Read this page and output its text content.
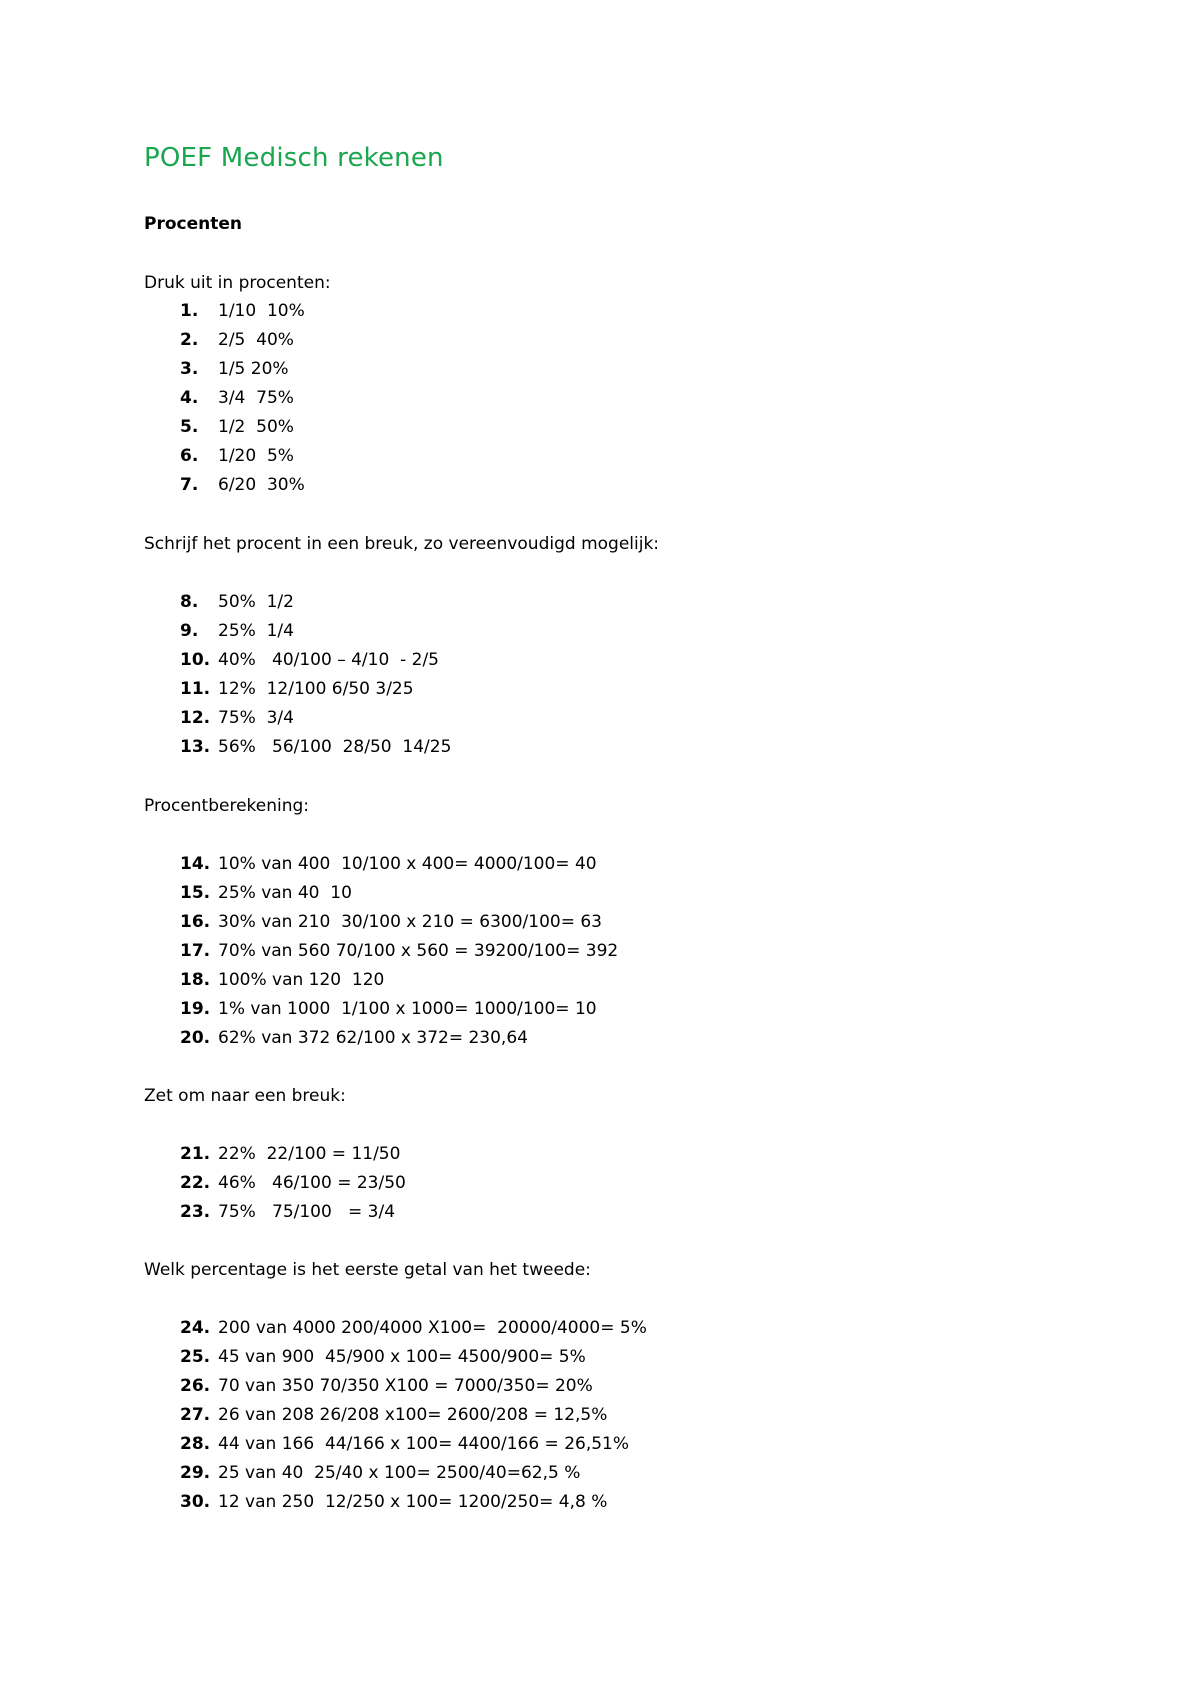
POEF Medisch rekenen
Procenten
Druk uit in procenten:
1. 1/10  10%
2. 2/5  40%
3. 1/5 20%
4. 3/4  75%
5. 1/2  50%
6. 1/20  5%
7. 6/20  30%
Schrijf het procent in een breuk, zo vereenvoudigd mogelijk:
8. 50%  1/2
9. 25%  1/4
10. 40%   40/100 – 4/10  - 2/5
11. 12%  12/100 6/50 3/25
12. 75%  3/4
13. 56%   56/100  28/50  14/25
Procentberekening:
14. 10% van 400  10/100 x 400= 4000/100= 40
15. 25% van 40  10
16. 30% van 210  30/100 x 210 = 6300/100= 63
17. 70% van 560 70/100 x 560 = 39200/100= 392
18. 100% van 120  120
19. 1% van 1000  1/100 x 1000= 1000/100= 10
20. 62% van 372 62/100 x 372= 230,64
Zet om naar een breuk:
21. 22%  22/100 = 11/50
22. 46%   46/100 = 23/50
23. 75%   75/100   = 3/4
Welk percentage is het eerste getal van het tweede:
24. 200 van 4000 200/4000 X100=  20000/4000= 5%
25. 45 van 900  45/900 x 100= 4500/900= 5%
26. 70 van 350 70/350 X100 = 7000/350= 20%
27. 26 van 208 26/208 x100= 2600/208 = 12,5%
28. 44 van 166  44/166 x 100= 4400/166 = 26,51%
29. 25 van 40  25/40 x 100= 2500/40=62,5 %
30. 12 van 250  12/250 x 100= 1200/250= 4,8 %
